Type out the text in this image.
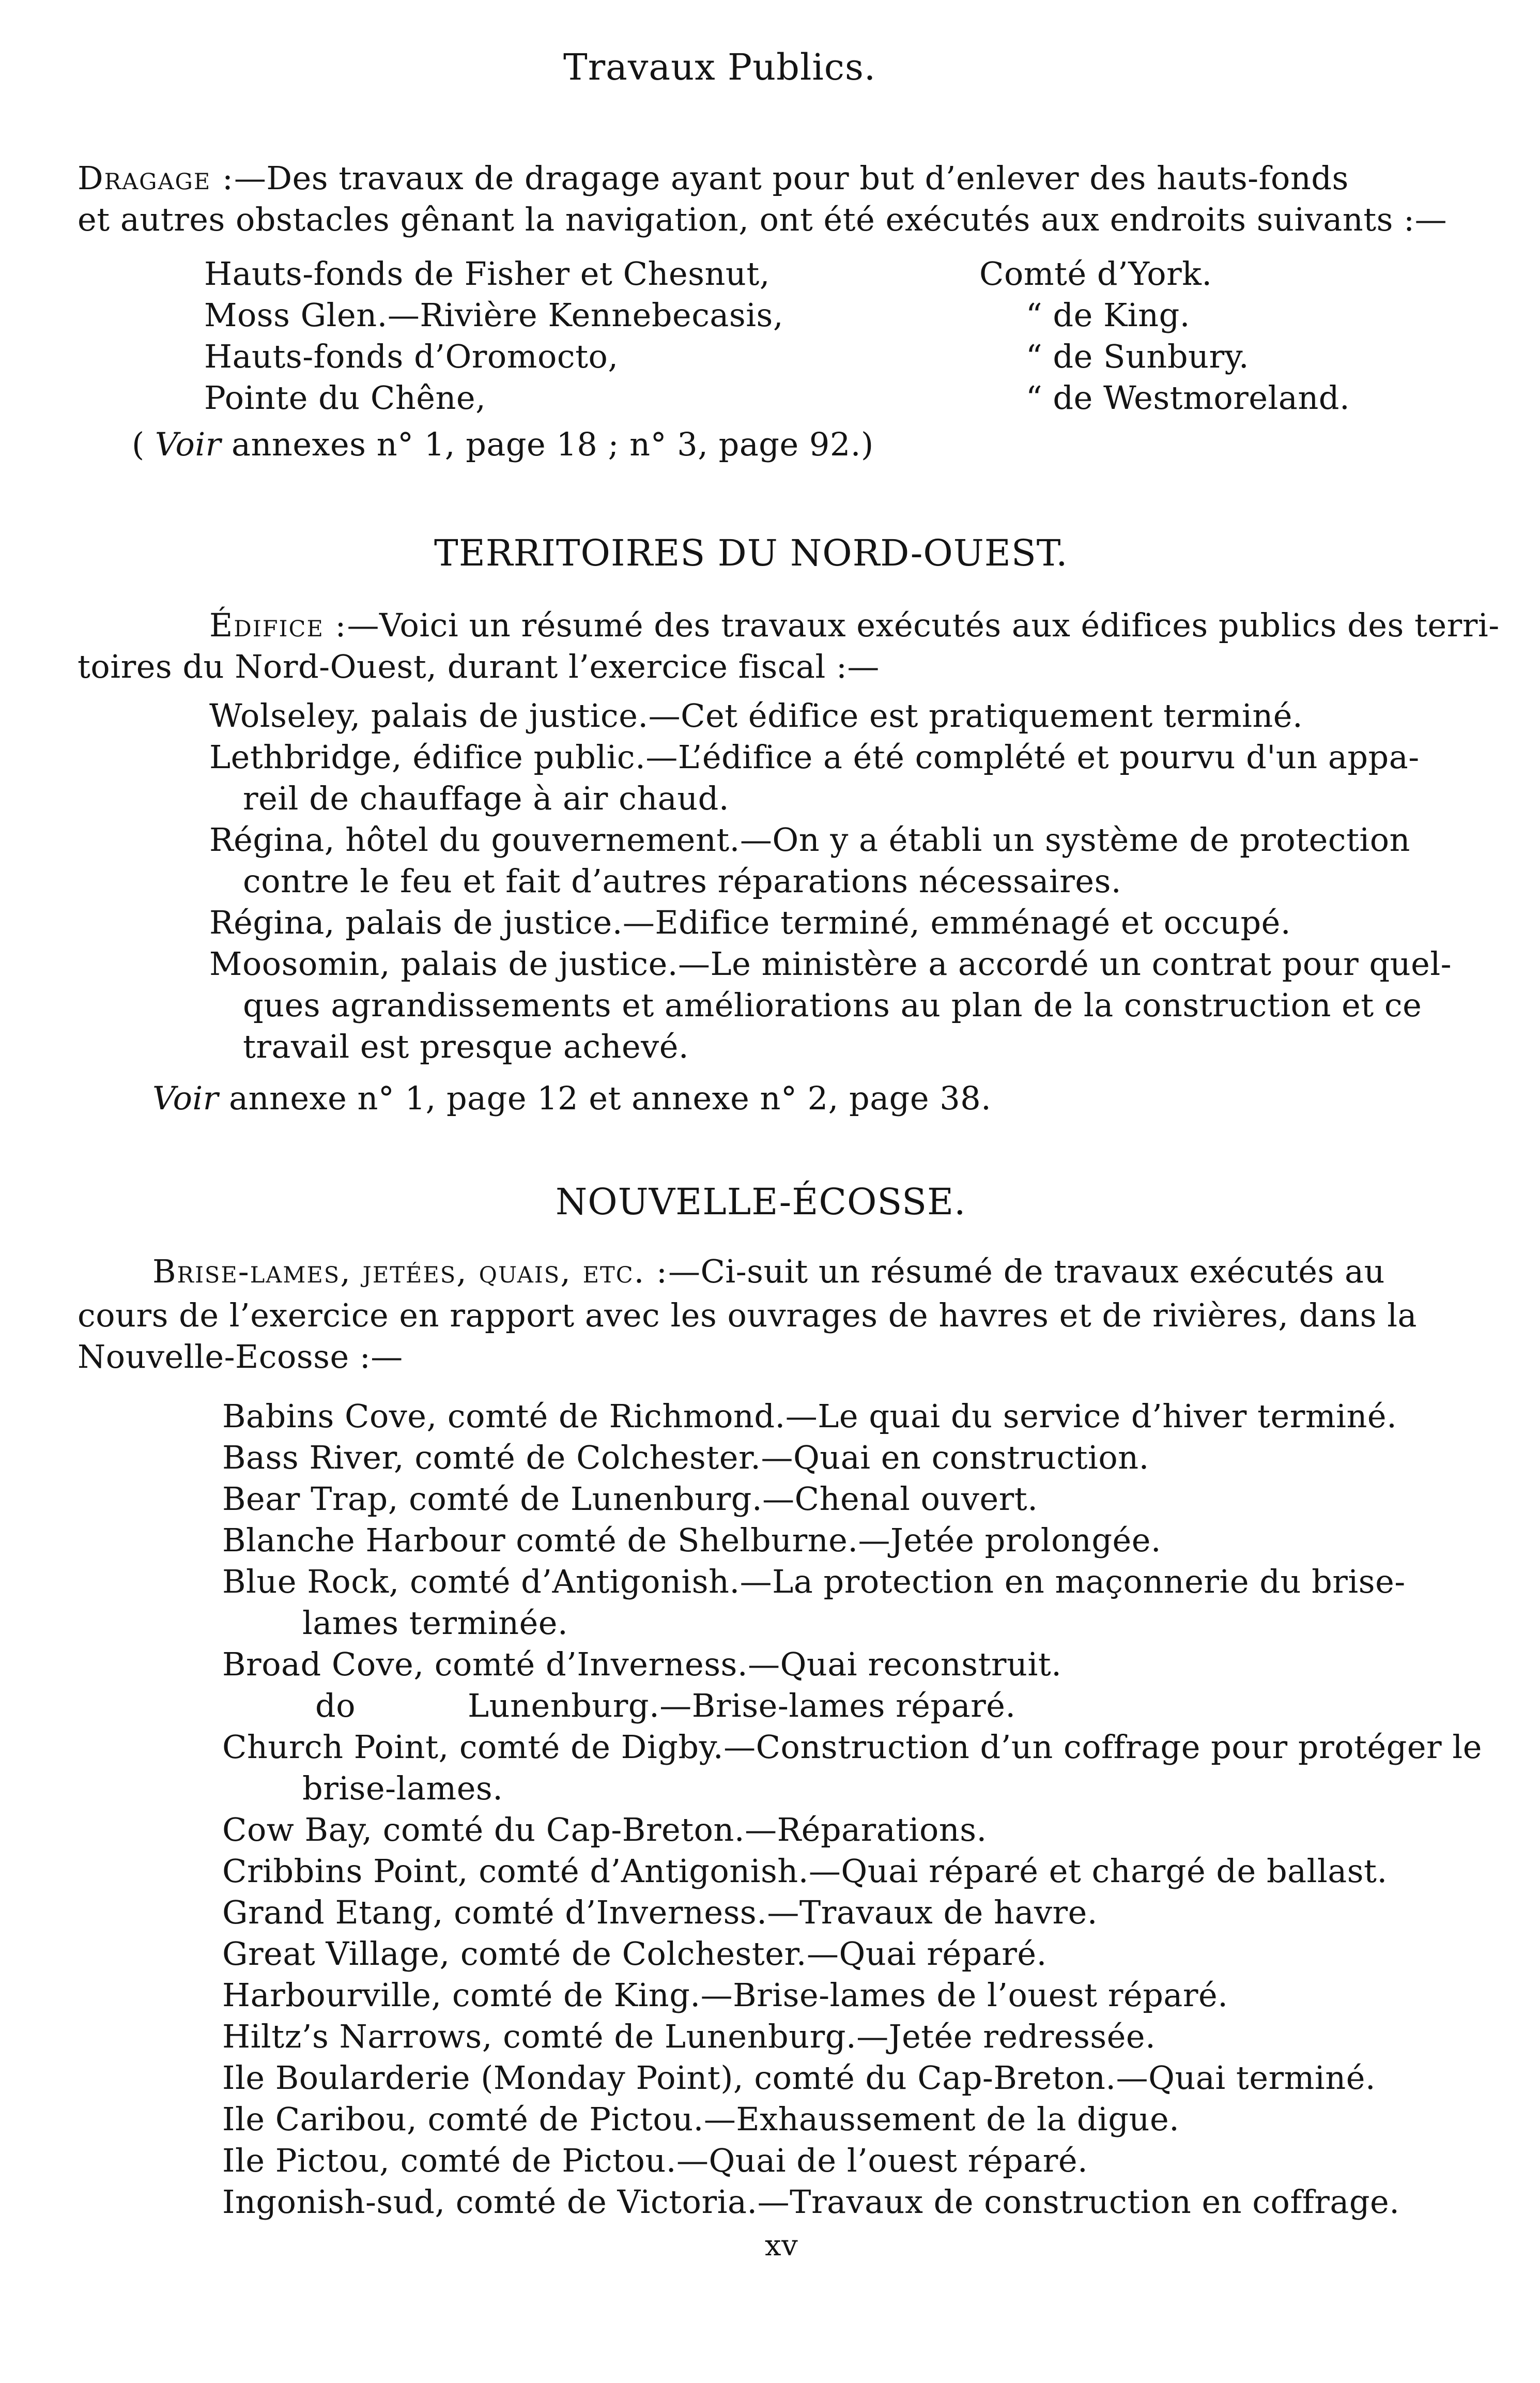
Travaux Publics.

Dragage :—Des travaux de dragage ayant pour but d’enlever des hauts-fonds

et autres obstacles gênant la navigation, ont été exécutés aux endroits suivants :—

Hauts-fonds de Fisher et Chesnut,	Comté d’York.

Moss Glen.—Rivière Kennebecasis,	“ de King.

Hauts-fonds d’Oromocto,	“ de Sunbury.

Pointe du Chêne,	“ de Westmoreland.

( Voir annexes n° 1, page 18 ; n° 3, page 92.)

TERRITOIRES DU NORD-OUEST.

Édifice :—Voici un résumé des travaux exécutés aux édifices publics des terri-

toires du Nord-Ouest, durant l’exercice fiscal :—

Wolseley, palais de justice.—Cet édifice est pratiquement terminé.

Lethbridge, édifice public.—L’édifice a été complété et pourvu d'un appa-

reil de chauffage à air chaud.

Régina, hôtel du gouvernement.—On y a établi un système de protection

contre le feu et fait d’autres réparations nécessaires.

Régina, palais de justice.—Edifice terminé, emménagé et occupé.

Moosomin, palais de justice.—Le ministère a accordé un contrat pour quel-

ques agrandissements et améliorations au plan de la construction et ce

travail est presque achevé.

Voir annexe n° 1, page 12 et annexe n° 2, page 38.

NOUVELLE-ÉCOSSE.

Brise-lames, jetées, quais, etc. :—Ci-suit un résumé de travaux exécutés au

cours de l’exercice en rapport avec les ouvrages de havres et de rivières, dans la

Nouvelle-Ecosse :—

Babins Cove, comté de Richmond.—Le quai du service d’hiver terminé.

Bass River, comté de Colchester.—Quai en construction.

Bear Trap, comté de Lunenburg.—Chenal ouvert.

Blanche Harbour comté de Shelburne.—Jetée prolongée.

Blue Rock, comté d’Antigonish.—La protection en maçonnerie du brise-

lames terminée.

Broad Cove, comté d’Inverness.—Quai reconstruit.

do	Lunenburg.—Brise-lames réparé.

Church Point, comté de Digby.—Construction d’un coffrage pour protéger le

brise-lames.

Cow Bay, comté du Cap-Breton.—Réparations.

Cribbins Point, comté d’Antigonish.—Quai réparé et chargé de ballast.

Grand Etang, comté d’Inverness.—Travaux de havre.

Great Village, comté de Colchester.—Quai réparé.

Harbourville, comté de King.—Brise-lames de l’ouest réparé.

Hiltz’s Narrows, comté de Lunenburg.—Jetée redressée.

Ile Boularderie (Monday Point), comté du Cap-Breton.—Quai terminé.

Ile Caribou, comté de Pictou.—Exhaussement de la digue.

Ile Pictou, comté de Pictou.—Quai de l’ouest réparé.

Ingonish-sud, comté de Victoria.—Travaux de construction en coffrage.

xv
